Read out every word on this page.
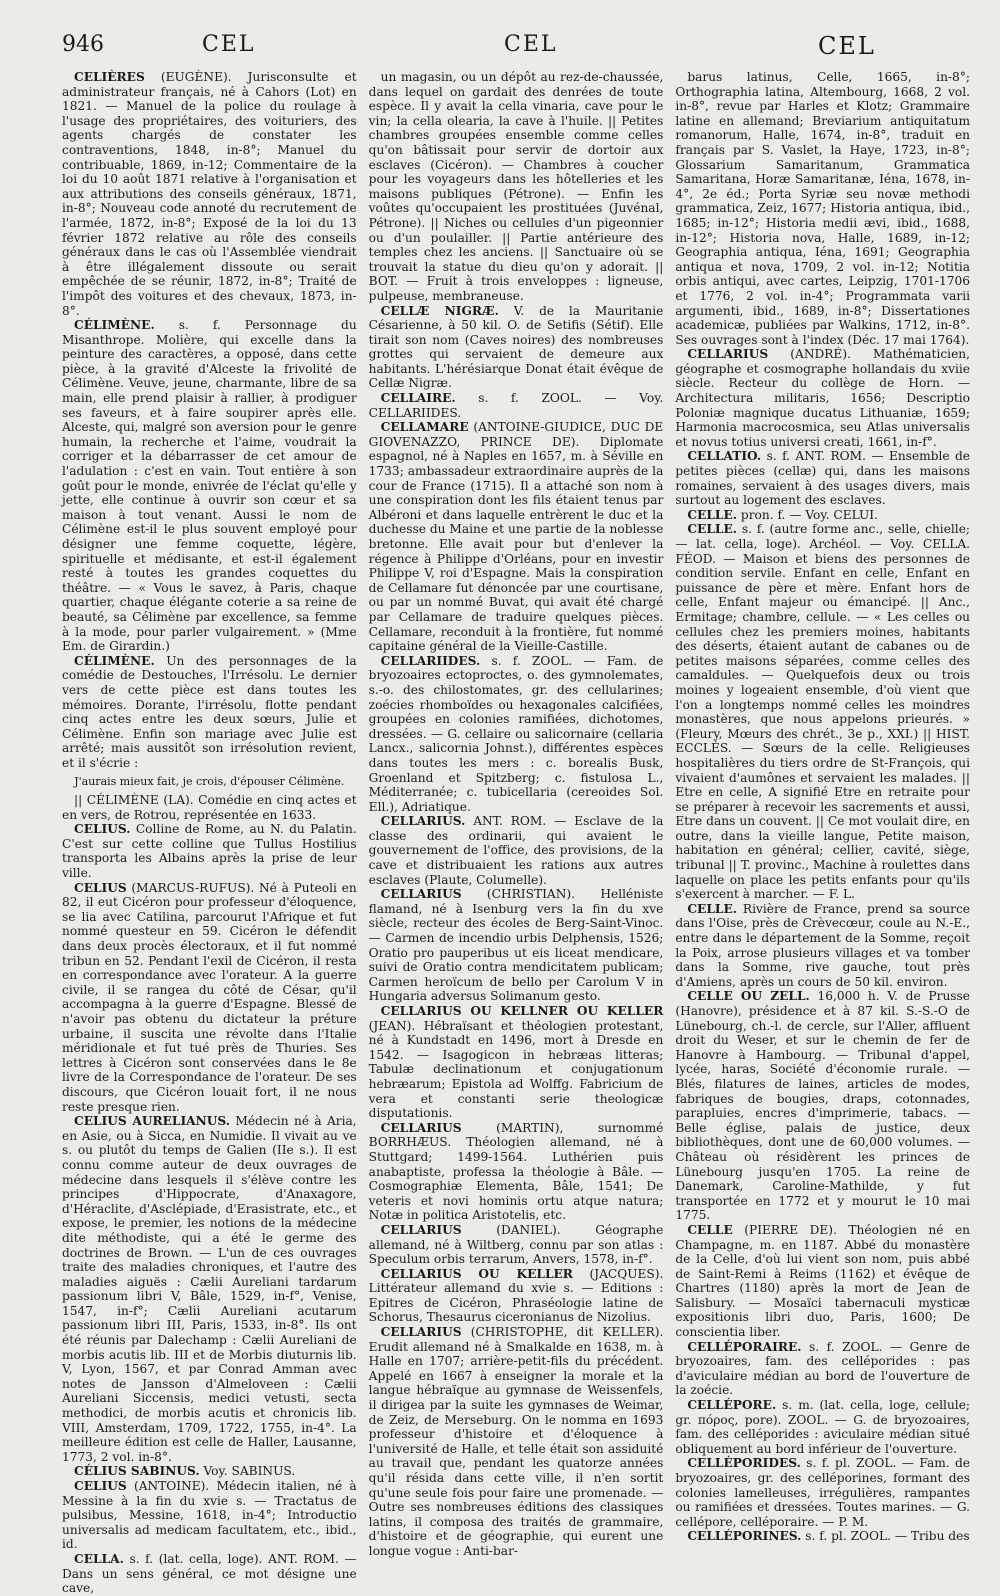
946	CEL	CEL	CEL

CELIÈRES (EUGÈNE). Jurisconsulte et administrateur français, né à Cahors (Lot) en 1821. — Manuel de la police du roulage à l'usage des propriétaires, des voituriers, des agents chargés de constater les contraventions, 1848, in-8°; Manuel du contribuable, 1869, in-12; Commentaire de la loi du 10 août 1871 relative à l'organisation et aux attributions des conseils généraux, 1871, in-8°; Nouveau code annoté du recrutement de l'armée, 1872, in-8°; Exposé de la loi du 13 février 1872 relative au rôle des conseils généraux dans le cas où l'Assemblée viendrait à être illégalement dissoute ou serait empêchée de se réunir, 1872, in-8°; Traité de l'impôt des voitures et des chevaux, 1873, in-8°.

CÉLIMÈNE. s. f. Personnage du Misanthrope. Molière, qui excelle dans la peinture des caractères, a opposé, dans cette pièce, à la gravité d'Alceste la frivolité de Célimène. Veuve, jeune, charmante, libre de sa main, elle prend plaisir à rallier, à prodiguer ses faveurs, et à faire soupirer après elle. Alceste, qui, malgré son aversion pour le genre humain, la recherche et l'aime, voudrait la corriger et la débarrasser de cet amour de l'adulation : c'est en vain. Tout entière à son goût pour le monde, enivrée de l'éclat qu'elle y jette, elle continue à ouvrir son cœur et sa maison à tout venant. Aussi le nom de Célimène est-il le plus souvent employé pour désigner une femme coquette, légère, spirituelle et médisante, et est-il également resté à toutes les grandes coquettes du théâtre. — « Vous le savez, à Paris, chaque quartier, chaque élégante coterie a sa reine de beauté, sa Célimène par excellence, sa femme à la mode, pour parler vulgairement. » (Mme Em. de Girardin.)

CÉLIMÈNE. Un des personnages de la comédie de Destouches, l'Irrésolu. Le dernier vers de cette pièce est dans toutes les mémoires. Dorante, l'irrésolu, flotte pendant cinq actes entre les deux sœurs, Julie et Célimène. Enfin son mariage avec Julie est arrêté; mais aussitôt son irrésolution revient, et il s'écrie :

J'aurais mieux fait, je crois, d'épouser Célimène.

|| CÉLIMÈNE (LA). Comédie en cinq actes et en vers, de Rotrou, représentée en 1633.

CELIUS. Colline de Rome, au N. du Palatin. C'est sur cette colline que Tullus Hostilius transporta les Albains après la prise de leur ville.

CELIUS (MARCUS-RUFUS). Né à Puteoli en 82, il eut Cicéron pour professeur d'éloquence, se lia avec Catilina, parcourut l'Afrique et fut nommé questeur en 59. Cicéron le défendit dans deux procès électoraux, et il fut nommé tribun en 52. Pendant l'exil de Cicéron, il resta en correspondance avec l'orateur. A la guerre civile, il se rangea du côté de César, qu'il accompagna à la guerre d'Espagne. Blessé de n'avoir pas obtenu du dictateur la préture urbaine, il suscita une révolte dans l'Italie méridionale et fut tué près de Thuries. Ses lettres à Cicéron sont conservées dans le 8e livre de la Correspondance de l'orateur. De ses discours, que Cicéron louait fort, il ne nous reste presque rien.

CELIUS AURELIANUS. Médecin né à Aria, en Asie, ou à Sicca, en Numidie. Il vivait au ve s. ou plutôt du temps de Galien (IIe s.). Il est connu comme auteur de deux ouvrages de médecine dans lesquels il s'élève contre les principes d'Hippocrate, d'Anaxagore, d'Héraclite, d'Asclépiade, d'Erasistrate, etc., et expose, le premier, les notions de la médecine dite méthodiste, qui a été le germe des doctrines de Brown. — L'un de ces ouvrages traite des maladies chroniques, et l'autre des maladies aiguës : Cælii Aureliani tardarum passionum libri V, Bâle, 1529, in-f°, Venise, 1547, in-f°; Cælii Aureliani acutarum passionum libri III, Paris, 1533, in-8°. Ils ont été réunis par Dalechamp : Cælii Aureliani de morbis acutis lib. III et de Morbis diuturnis lib. V, Lyon, 1567, et par Conrad Amman avec notes de Jansson d'Almeloveen : Cælii Aureliani Siccensis, medici vetusti, secta methodici, de morbis acutis et chronicis lib. VIII, Amsterdam, 1709, 1722, 1755, in-4°. La meilleure édition est celle de Haller, Lausanne, 1773, 2 vol. in-8°.

CÉLIUS SABINUS. Voy. SABINUS.

CELIUS (ANTOINE). Médecin italien, né à Messine à la fin du xvie s. — Tractatus de pulsibus, Messine, 1618, in-4°; Introductio universalis ad medicam facultatem, etc., ibid., id.

CELLA. s. f. (lat. cella, loge). ANT. ROM. — Dans un sens général, ce mot désigne une cave,

un magasin, ou un dépôt au rez-de-chaussée, dans lequel on gardait des denrées de toute espèce. Il y avait la cella vinaria, cave pour le vin; la cella olearia, la cave à l'huile. || Petites chambres groupées ensemble comme celles qu'on bâtissait pour servir de dortoir aux esclaves (Cicéron). — Chambres à coucher pour les voyageurs dans les hôtelleries et les maisons publiques (Pétrone). — Enfin les voûtes qu'occupaient les prostituées (Juvénal, Pétrone). || Niches ou cellules d'un pigeonnier ou d'un poulailler. || Partie antérieure des temples chez les anciens. || Sanctuaire où se trouvait la statue du dieu qu'on y adorait. || BOT. — Fruit à trois enveloppes : ligneuse, pulpeuse, membraneuse.

CELLÆ NIGRÆ. V. de la Mauritanie Césarienne, à 50 kil. O. de Setifis (Sétif). Elle tirait son nom (Caves noires) des nombreuses grottes qui servaient de demeure aux habitants. L'hérésiarque Donat était évêque de Cellæ Nigræ.

CELLAIRE. s. f. ZOOL. — Voy. CELLARIIDES.

CELLAMARE (ANTOINE-GIUDICE, DUC DE GIOVENAZZO, PRINCE DE). Diplomate espagnol, né à Naples en 1657, m. à Séville en 1733; ambassadeur extraordinaire auprès de la cour de France (1715). Il a attaché son nom à une conspiration dont les fils étaient tenus par Albéroni et dans laquelle entrèrent le duc et la duchesse du Maine et une partie de la noblesse bretonne. Elle avait pour but d'enlever la régence à Philippe d'Orléans, pour en investir Philippe V, roi d'Espagne. Mais la conspiration de Cellamare fut dénoncée par une courtisane, ou par un nommé Buvat, qui avait été chargé par Cellamare de traduire quelques pièces. Cellamare, reconduit à la frontière, fut nommé capitaine général de la Vieille-Castille.

CELLARIIDES. s. f. ZOOL. — Fam. de bryozoaires ectoproctes, o. des gymnolemates, s.-o. des chilostomates, gr. des cellularines; zoécies rhomboïdes ou hexagonales calcifiées, groupées en colonies ramifiées, dichotomes, dressées. — G. cellaire ou salicornaire (cellaria Lancx., salicornia Johnst.), différentes espèces dans toutes les mers : c. borealis Busk, Groenland et Spitzberg; c. fistulosa L., Méditerranée; c. tubicellaria (cereoides Sol. Ell.), Adriatique.

CELLARIUS. ANT. ROM. — Esclave de la classe des ordinarii, qui avaient le gouvernement de l'office, des provisions, de la cave et distribuaient les rations aux autres esclaves (Plaute, Columelle).

CELLARIUS (CHRISTIAN). Helléniste flamand, né à Isenburg vers la fin du xve siècle, recteur des écoles de Berg-Saint-Vinoc. — Carmen de incendio urbis Delphensis, 1526; Oratio pro pauperibus ut eis liceat mendicare, suivi de Oratio contra mendicitatem publicam; Carmen heroïcum de bello per Carolum V in Hungaria adversus Solimanum gesto.

CELLARIUS OU KELLNER OU KELLER (JEAN). Hébraïsant et théologien protestant, né à Kundstadt en 1496, mort à Dresde en 1542. — Isagogicon in hebræas litteras; Tabulæ declinationum et conjugationum hebræarum; Epistola ad Wolffg. Fabricium de vera et constanti serie theologicæ disputationis.

CELLARIUS	(MARTIN), surnommé BORRHÆUS. Théologien allemand, né à Stuttgard; 1499-1564. Luthérien puis anabaptiste, professa la théologie à Bâle. — Cosmographiæ Elementa, Bâle, 1541; De veteris et novi hominis ortu atque natura; Notæ in politica Aristotelis, etc.

CELLARIUS	(DANIEL). Géographe allemand, né à Wiltberg, connu par son atlas : Speculum orbis terrarum, Anvers, 1578, in-f°.

CELLARIUS OU KELLER (JACQUES). Littérateur allemand du xvie s. — Editions : Epitres de Cicéron, Phraséologie latine de Schorus, Thesaurus ciceronianus de Nizolius.

CELLARIUS (CHRISTOPHE, dit KELLER). Erudit allemand né à Smalkalde en 1638, m. à Halle en 1707; arrière-petit-fils du précédent. Appelé en 1667 à enseigner la morale et la langue hébraïque au gymnase de Weissenfels, il dirigea par la suite les gymnases de Weimar, de Zeiz, de Merseburg. On le nomma en 1693 professeur d'histoire et d'éloquence à l'université de Halle, et telle était son assiduité au travail que, pendant les quatorze années qu'il résida dans cette ville, il n'en sortit qu'une seule fois pour faire une promenade. — Outre ses nombreuses éditions des classiques latins, il composa des traités de grammaire, d'histoire et de géographie, qui eurent une longue vogue : Anti-bar-

barus latinus, Celle, 1665, in-8°; Orthographia latina, Altembourg, 1668, 2 vol. in-8°, revue par Harles et Klotz; Grammaire latine en allemand; Breviarium antiquitatum romanorum, Halle, 1674, in-8°, traduit en français par S. Vaslet, la Haye, 1723, in-8°; Glossarium Samaritanum, Grammatica Samaritana, Horæ Samaritanæ, Iéna, 1678, in-4°, 2e éd.; Porta Syriæ seu novæ methodi grammatica, Zeiz, 1677; Historia antiqua, ibid., 1685; in-12°; Historia medii ævi, ibid., 1688, in-12°; Historia nova, Halle, 1689, in-12; Geographia antiqua, Iéna, 1691; Geographia antiqua et nova, 1709, 2 vol. in-12; Notitia orbis antiqui, avec cartes, Leipzig, 1701-1706 et 1776, 2 vol. in-4°; Programmata varii argumenti, ibid., 1689, in-8°; Dissertationes academicæ, publiées par Walkins, 1712, in-8°. Ses ouvrages sont à l'index (Déc. 17 mai 1764).

CELLARIUS (ANDRÉ). Mathématicien, géographe et cosmographe hollandais du xviie siècle. Recteur du collège de Horn. — Architectura militaris, 1656; Descriptio Poloniæ magnique ducatus Lithuaniæ, 1659; Harmonia macrocosmica, seu Atlas universalis et novus totius universi creati, 1661, in-f°.

CELLATIO. s. f. ANT. ROM. — Ensemble de petites pièces (cellæ) qui, dans les maisons romaines, servaient à des usages divers, mais surtout au logement des esclaves.

CELLE. pron. f. — Voy. CELUI.

CELLE. s. f. (autre forme anc., selle, chielle; — lat. cella, loge). Archéol. — Voy. CELLA. FÉOD. — Maison et biens des personnes de condition servile. Enfant en celle, Enfant en puissance de père et mère. Enfant hors de celle, Enfant majeur ou émancipé. || Anc., Ermitage; chambre, cellule. — « Les celles ou cellules chez les premiers moines, habitants des déserts, étaient autant de cabanes ou de petites maisons séparées, comme celles des camaldules. — Quelquefois deux ou trois moines y logeaient ensemble, d'où vient que l'on a longtemps nommé celles les moindres monastères, que nous appelons prieurés. » (Fleury, Mœurs des chrét., 3e p., XXI.) || HIST. ECCLÉS. — Sœurs de la celle. Religieuses hospitalières du tiers ordre de St-François, qui vivaient d'aumônes et servaient les malades. || Etre en celle, A signifié Etre en retraite pour se préparer à recevoir les sacrements et aussi, Etre dans un couvent. || Ce mot voulait dire, en outre, dans la vieille langue, Petite maison, habitation en général; cellier, cavité, siège, tribunal || T. provinc., Machine à roulettes dans laquelle on place les petits enfants pour qu'ils s'exercent à marcher. — F. L.

CELLE. Rivière de France, prend sa source dans l'Oise, près de Crèvecœur, coule au N.-E., entre dans le département de la Somme, reçoit la Poix, arrose plusieurs villages et va tomber dans la Somme, rive gauche, tout près d'Amiens, après un cours de 50 kil. environ.

CELLE OU ZELL. 16,000 h. V. de Prusse (Hanovre), présidence et à 87 kil. S.-S.-O de Lünebourg, ch.-l. de cercle, sur l'Aller, affluent droit du Weser, et sur le chemin de fer de Hanovre à Hambourg. — Tribunal d'appel, lycée, haras, Société d'économie rurale. — Blés, filatures de laines, articles de modes, fabriques de bougies, draps, cotonnades, parapluies, encres d'imprimerie, tabacs. — Belle église, palais de justice, deux bibliothèques, dont une de 60,000 volumes. — Château où résidèrent les princes de Lünebourg jusqu'en 1705. La reine de Danemark, Caroline-Mathilde, y fut transportée en 1772 et y mourut le 10 mai 1775.

CELLE (PIERRE DE). Théologien né en Champagne, m. en 1187. Abbé du monastère de la Celle, d'où lui vient son nom, puis abbé de Saint-Remi à Reims (1162) et évêque de Chartres (1180) après la mort de Jean de Salisbury. — Mosaïci tabernaculi mysticæ expositionis libri duo, Paris, 1600; De conscientia liber.

CELLÉPORAIRE. s. f. ZOOL. — Genre de bryozoaires, fam. des celléporides : pas d'aviculaire médian au bord de l'ouverture de la zoécie.

CELLÉPORE. s. m. (lat. cella, loge, cellule; gr. πόρος, pore). ZOOL. — G. de bryozoaires, fam. des celléporides : aviculaire médian situé obliquement au bord inférieur de l'ouverture.

CELLÉPORIDES. s. f. pl. ZOOL. — Fam. de bryozoaires, gr. des celléporines, formant des colonies lamelleuses, irrégulières, rampantes ou ramifiées et dressées. Toutes marines. — G. cellépore, celléporaire. — P. M.

CELLÉPORINES. s. f. pl. ZOOL. — Tribu des
